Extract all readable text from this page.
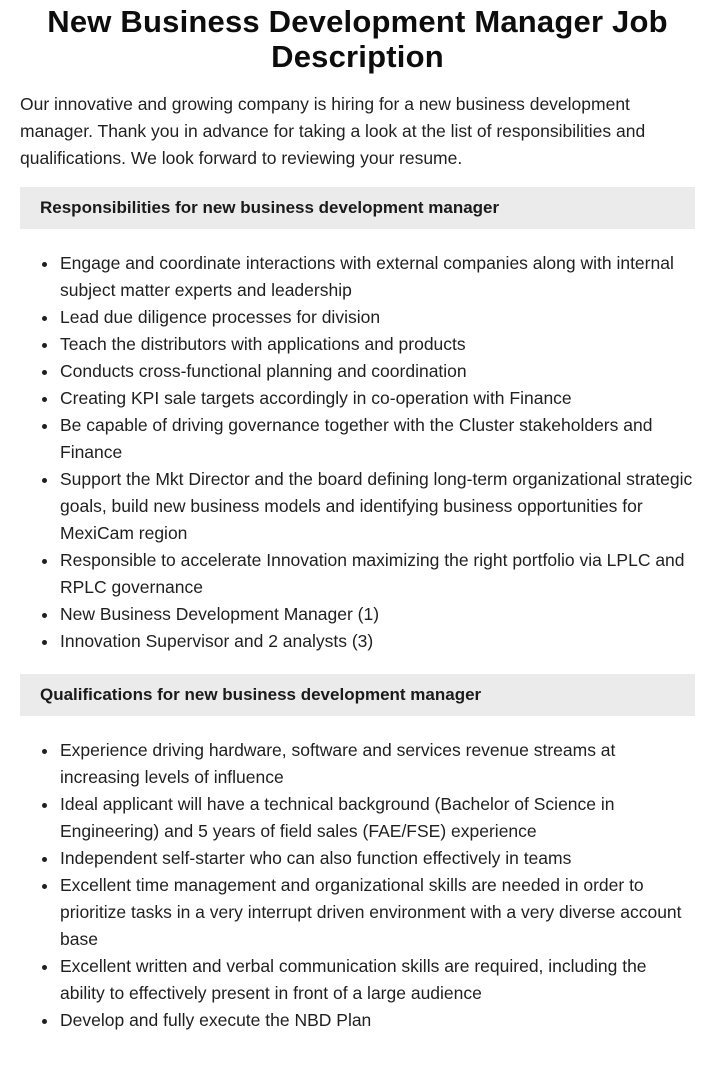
New Business Development Manager Job Description

Our innovative and growing company is hiring for a new business development manager. Thank you in advance for taking a look at the list of responsibilities and qualifications. We look forward to reviewing your resume.

Responsibilities for new business development manager
Engage and coordinate interactions with external companies along with internal subject matter experts and leadership
Lead due diligence processes for division
Teach the distributors with applications and products
Conducts cross-functional planning and coordination
Creating KPI sale targets accordingly in co-operation with Finance
Be capable of driving governance together with the Cluster stakeholders and Finance
Support the Mkt Director and the board defining long-term organizational strategic goals, build new business models and identifying business opportunities for MexiCam region
Responsible to accelerate Innovation maximizing the right portfolio via LPLC and RPLC governance
New Business Development Manager (1)
Innovation Supervisor and 2 analysts (3)
Qualifications for new business development manager
Experience driving hardware, software and services revenue streams at increasing levels of influence
Ideal applicant will have a technical background (Bachelor of Science in Engineering) and 5 years of field sales (FAE/FSE) experience
Independent self-starter who can also function effectively in teams
Excellent time management and organizational skills are needed in order to prioritize tasks in a very interrupt driven environment with a very diverse account base
Excellent written and verbal communication skills are required, including the ability to effectively present in front of a large audience
Develop and fully execute the NBD Plan
